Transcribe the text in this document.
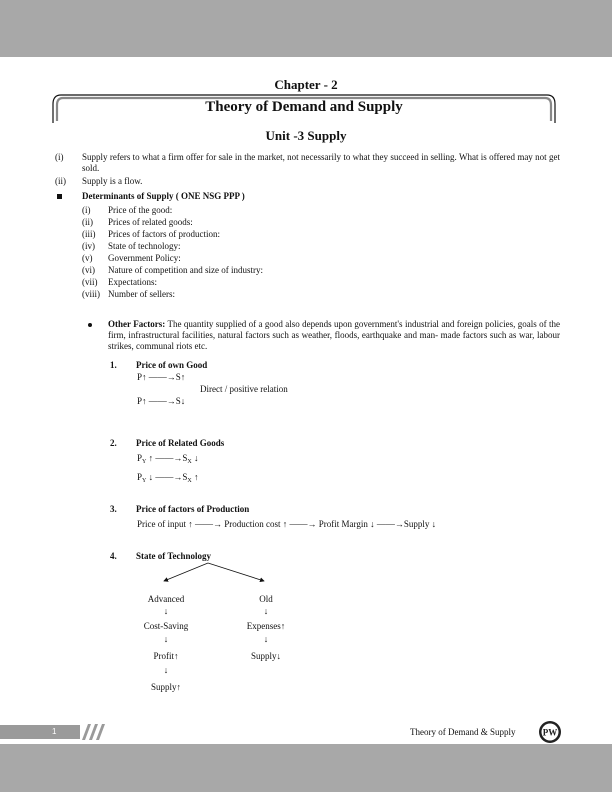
Chapter - 2
Theory of Demand and Supply
Unit -3 Supply
(i) Supply refers to what a firm offer for sale in the market, not necessarily to what they succeed in selling. What is offered may not get sold.
(ii) Supply is a flow.
Determinants of Supply ( ONE NSG PPP )
(i) Price of the good:
(ii) Prices of related goods:
(iii) Prices of factors of production:
(iv) State of technology:
(v) Government Policy:
(vi) Nature of competition and size of industry:
(vii) Expectations:
(viii) Number of sellers:
Other Factors: The quantity supplied of a good also depends upon government's industrial and foreign policies, goals of the firm, infrastructural facilities, natural factors such as weather, floods, earthquake and man- made factors such as war, labour strikes, communal riots etc.
1. Price of own Good
P↑ ——→S↑
Direct / positive relation
P↑ ——→S↓
2. Price of Related Goods
$P_Y$ ↑ $——\to S_X$ ↓
$P_Y$ ↓ $——\to S_X$ ↑
3. Price of factors of Production
Price of input ↑ ——→ Production cost ↑ ——→ Profit Margin ↓ ——→Supply ↓
4. State of Technology
Advanced
↓
Cost-Saving
↓
Profit↑
↓
Supply↑
Old
↓
Expenses↑
↓
Supply↓
1	Theory of Demand & Supply	PW
